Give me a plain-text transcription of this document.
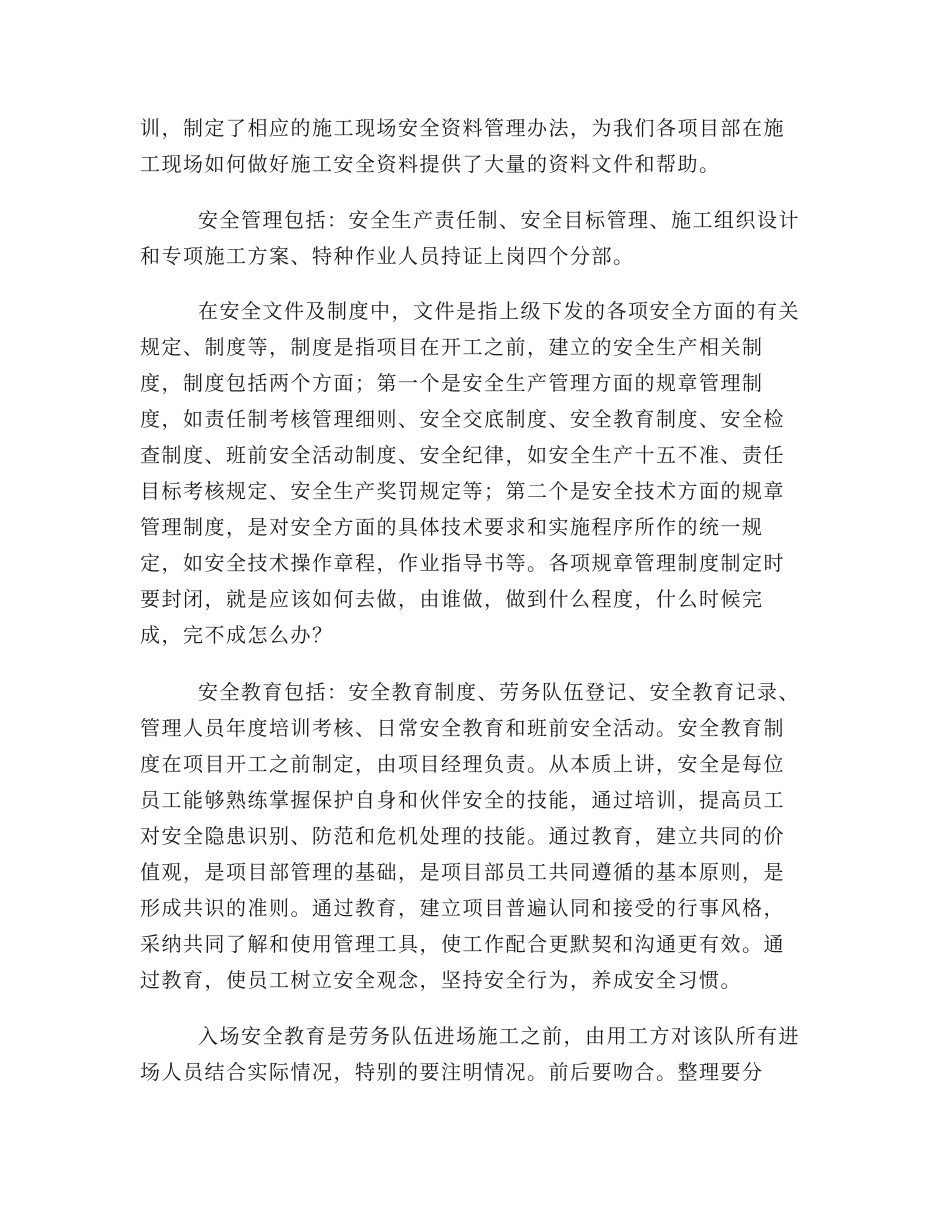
训，制定了相应的施工现场安全资料管理办法，为我们各项目部在施
工现场如何做好施工安全资料提供了大量的资料文件和帮助。
安全管理包括：安全生产责任制、安全目标管理、施工组织设计
和专项施工方案、特种作业人员持证上岗四个分部。
在安全文件及制度中，文件是指上级下发的各项安全方面的有关
规定、制度等，制度是指项目在开工之前，建立的安全生产相关制
度，制度包括两个方面；第一个是安全生产管理方面的规章管理制
度，如责任制考核管理细则、安全交底制度、安全教育制度、安全检
查制度、班前安全活动制度、安全纪律，如安全生产十五不准、责任
目标考核规定、安全生产奖罚规定等；第二个是安全技术方面的规章
管理制度，是对安全方面的具体技术要求和实施程序所作的统一规
定，如安全技术操作章程，作业指导书等。各项规章管理制度制定时
要封闭，就是应该如何去做，由谁做，做到什么程度，什么时候完
成，完不成怎么办？
安全教育包括：安全教育制度、劳务队伍登记、安全教育记录、
管理人员年度培训考核、日常安全教育和班前安全活动。安全教育制
度在项目开工之前制定，由项目经理负责。从本质上讲，安全是每位
员工能够熟练掌握保护自身和伙伴安全的技能，通过培训，提高员工
对安全隐患识别、防范和危机处理的技能。通过教育，建立共同的价
值观，是项目部管理的基础，是项目部员工共同遵循的基本原则，是
形成共识的准则。通过教育，建立项目普遍认同和接受的行事风格，
采纳共同了解和使用管理工具，使工作配合更默契和沟通更有效。通
过教育，使员工树立安全观念，坚持安全行为，养成安全习惯。
入场安全教育是劳务队伍进场施工之前，由用工方对该队所有进
场人员结合实际情况，特别的要注明情况。前后要吻合。整理要分
